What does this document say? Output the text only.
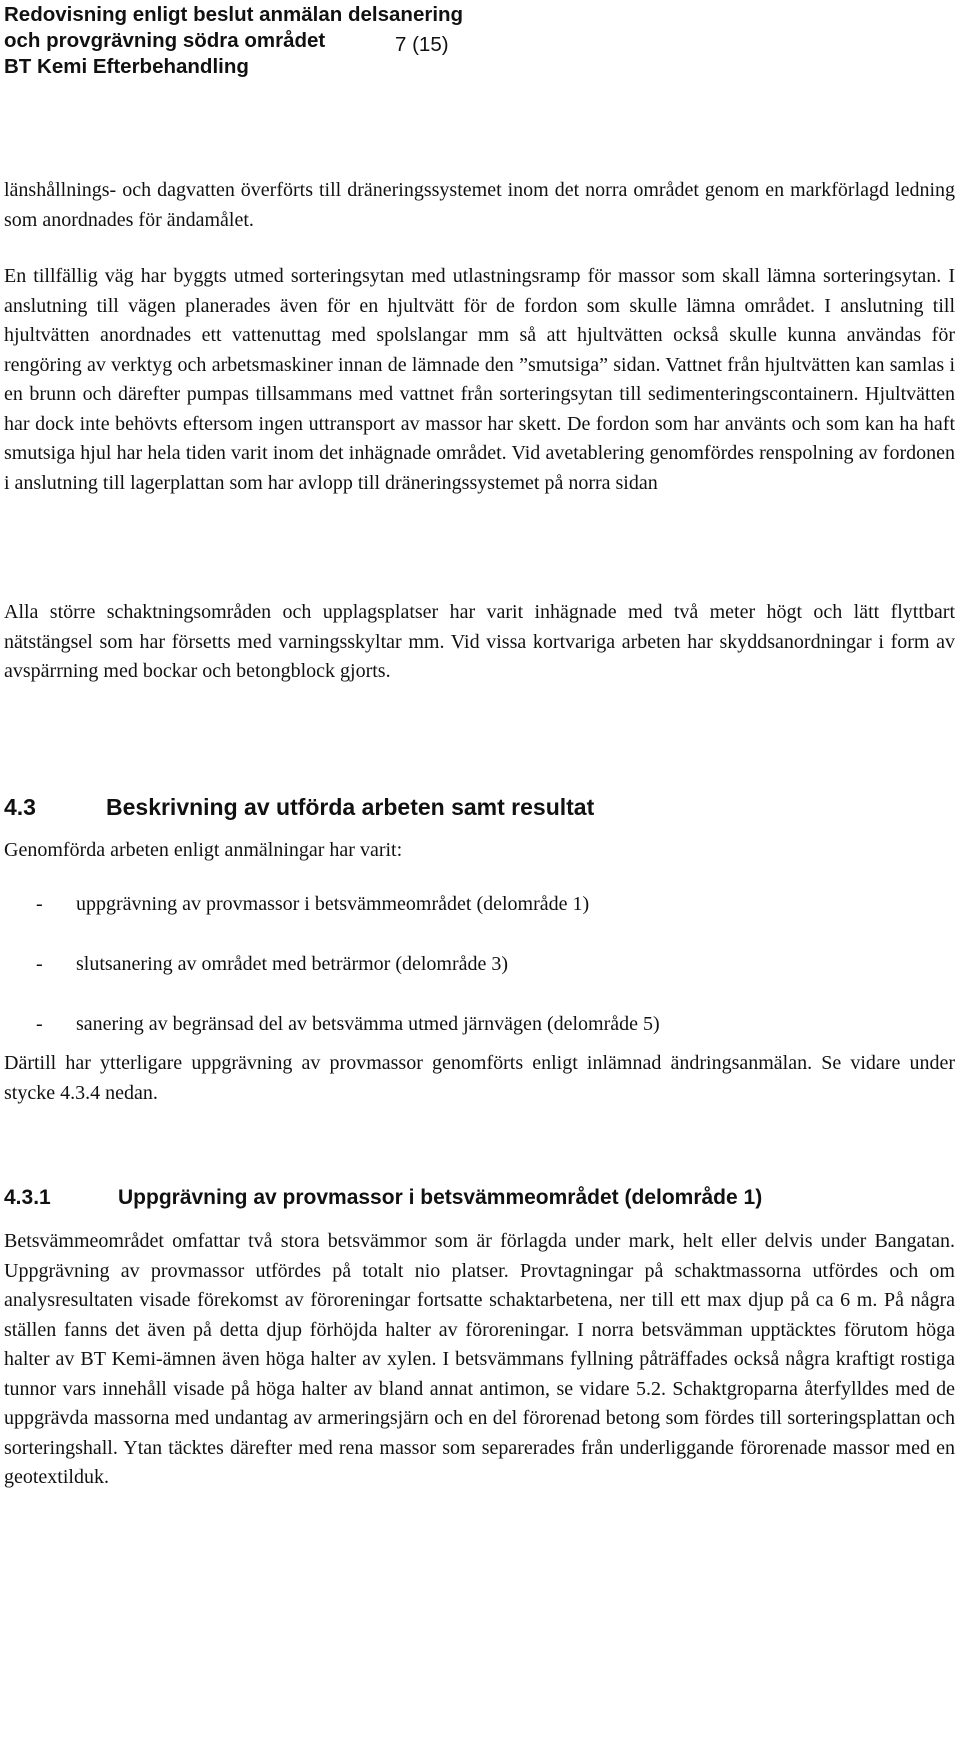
Redovisning enligt beslut anmälan delsanering
och provgrävning södra området
BT Kemi Efterbehandling
7 (15)

länshållnings- och dagvatten överförts till dräneringssystemet inom det norra området genom en markförlagd ledning som anordnades för ändamålet.

En tillfällig väg har byggts utmed sorteringsytan med utlastningsramp för massor som skall lämna sorteringsytan. I anslutning till vägen planerades även för en hjultvätt för de fordon som skulle lämna området. I anslutning till hjultvätten anordnades ett vattenuttag med spolslangar mm så att hjultvätten också skulle kunna användas för rengöring av verktyg och arbetsmaskiner innan de lämnade den ”smutsiga” sidan. Vattnet från hjultvätten kan samlas i en brunn och därefter pumpas tillsammans med vattnet från sorteringsytan till sedimenteringscontainern. Hjultvätten har dock inte behövts eftersom ingen uttransport av massor har skett. De fordon som har använts och som kan ha haft smutsiga hjul har hela tiden varit inom det inhägnade området. Vid avetablering genomfördes renspolning av fordonen i anslutning till lagerplattan som har avlopp till dräneringssystemet på norra sidan

Alla större schaktningsområden och upplagsplatser har varit inhägnade med två meter högt och lätt flyttbart nätstängsel som har försetts med varningsskyltar mm. Vid vissa kortvariga arbeten har skyddsanordningar i form av avspärrning med bockar och betongblock gjorts.

4.3	Beskrivning av utförda arbeten samt resultat

Genomförda arbeten enligt anmälningar har varit:

- uppgrävning av provmassor i betsvämmeområdet (delområde 1)
- slutsanering av området med beträrmor (delområde 3)
- sanering av begränsad del av betsvämma utmed järnvägen (delområde 5)

Därtill har ytterligare uppgrävning av provmassor genomförts enligt inlämnad ändringsanmälan. Se vidare under stycke 4.3.4 nedan.

4.3.1	Uppgrävning av provmassor i betsvämmeområdet (delområde 1)

Betsvämmeområdet omfattar två stora betsvämmor som är förlagda under mark, helt eller delvis under Bangatan. Uppgrävning av provmassor utfördes på totalt nio platser. Provtagningar på schaktmassorna utfördes och om analysresultaten visade förekomst av föroreningar fortsatte schaktarbetena, ner till ett max djup på ca 6 m. På några ställen fanns det även på detta djup förhöjda halter av föroreningar. I norra betsvämman upptäcktes förutom höga halter av BT Kemi-ämnen även höga halter av xylen. I betsvämmans fyllning påträffades också några kraftigt rostiga tunnor vars innehåll visade på höga halter av bland annat antimon, se vidare 5.2. Schaktgroparna återfylldes med de uppgrävda massorna med undantag av armeringsjärn och en del förorenad betong som fördes till sorteringsplattan och sorteringshall. Ytan täcktes därefter med rena massor som separerades från underliggande förorenade massor med en geotextilduk.
